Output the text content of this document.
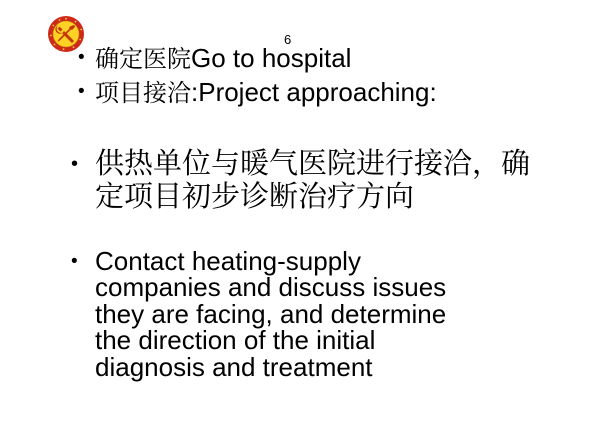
6
• 确定医院Go to hospital
• 项目接洽:Project approaching:
• 供热单位与暖气医院进行接洽，确
定项目初步诊断治疗方向
• Contact heating-supply
companies and discuss issues
they are facing, and determine
the direction of the initial
diagnosis and treatment
